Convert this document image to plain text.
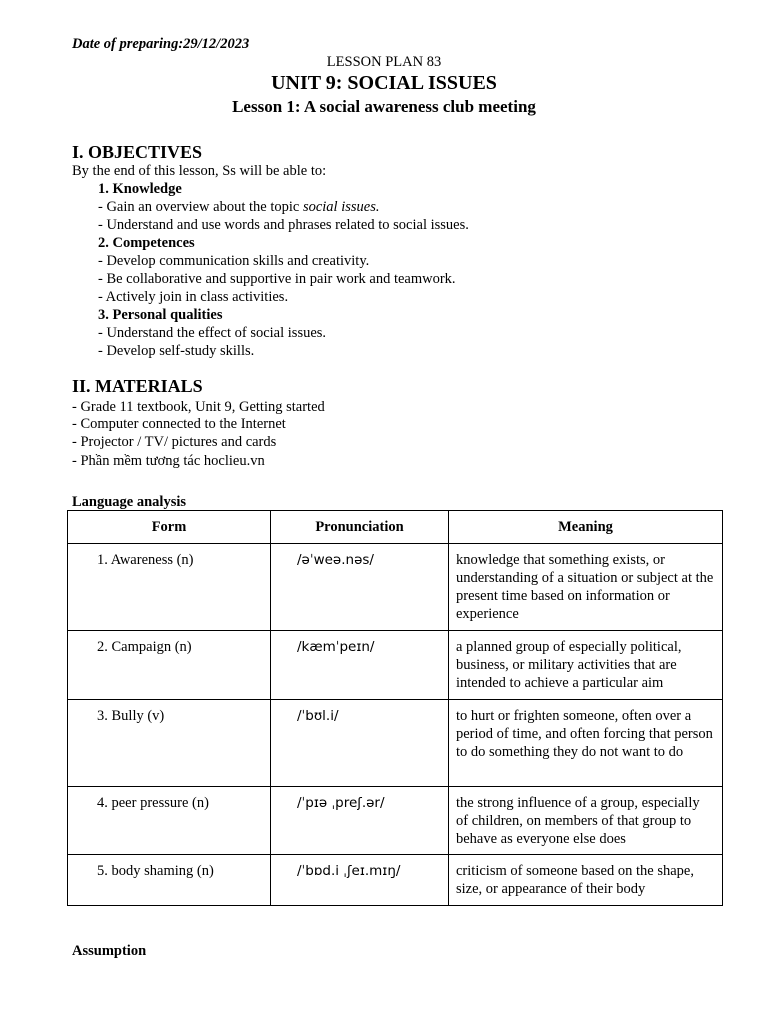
Date of preparing:29/12/2023
LESSON PLAN 83
UNIT 9: SOCIAL ISSUES
Lesson 1: A social awareness club meeting
I. OBJECTIVES
By the end of this lesson, Ss will be able to:
1. Knowledge
- Gain an overview about the topic social issues.
- Understand and use words and phrases related to social issues.
2. Competences
- Develop communication skills and creativity.
- Be collaborative and supportive in pair work and teamwork.
- Actively join in class activities.
3. Personal qualities
- Understand the effect of social issues.
- Develop self-study skills.
II. MATERIALS
- Grade 11 textbook, Unit 9, Getting started
- Computer connected to the Internet
- Projector / TV/ pictures and cards
- Phần mềm tương tác hoclieu.vn
Language analysis
Form	Pronunciation	Meaning
1. Awareness (n)	/əˈweə.nəs/	knowledge that something exists, or understanding of a situation or subject at the present time based on information or experience
2. Campaign (n)	/kæmˈpeɪn/	a planned group of especially political, business, or military activities that are intended to achieve a particular aim
3. Bully (v)	/ˈbʊl.i/	to hurt or frighten someone, often over a period of time, and often forcing that person to do something they do not want to do
4. peer pressure (n)	/ˈpɪə ˌpreʃ.ər/	the strong influence of a group, especially of children, on members of that group to behave as everyone else does
5. body shaming (n)	/ˈbɒd.i ˌʃeɪ.mɪŋ/	criticism of someone based on the shape, size, or appearance of their body
Assumption
